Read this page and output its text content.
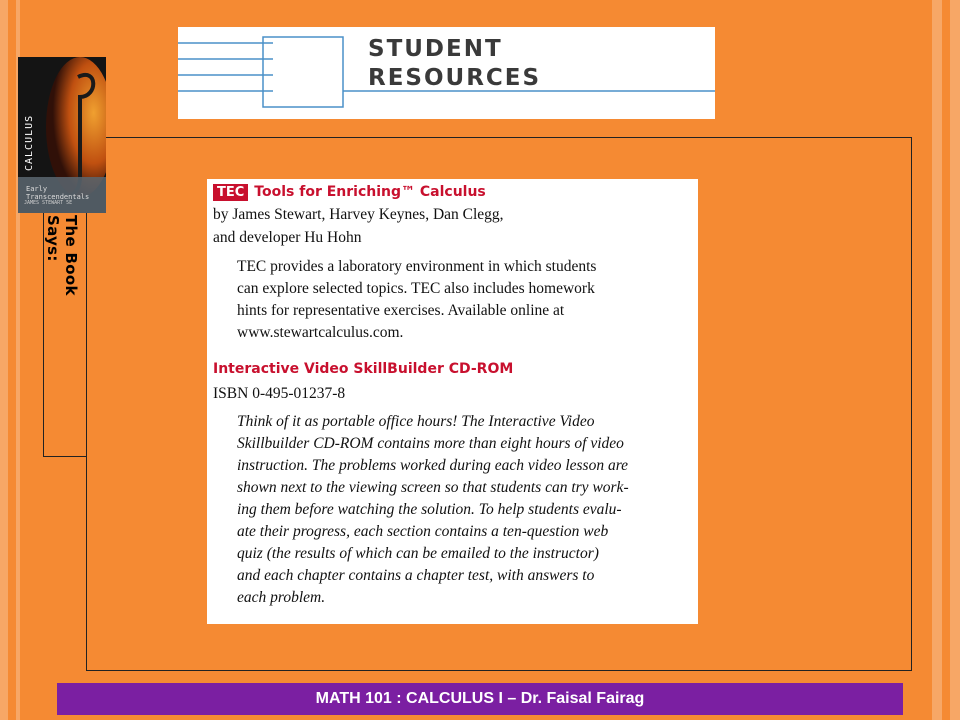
STUDENT
RESOURCES
The Book Says:
CALCULUS
Early Transcendentals
JAMES STEWART 5E
TEC Tools for Enriching™ Calculus
by James Stewart, Harvey Keynes, Dan Clegg,
and developer Hu Hohn
TEC provides a laboratory environment in which students
can explore selected topics. TEC also includes homework
hints for representative exercises. Available online at
www.stewartcalculus.com.
Interactive Video SkillBuilder CD-ROM
ISBN 0-495-01237-8
Think of it as portable office hours! The Interactive Video
Skillbuilder CD-ROM contains more than eight hours of video
instruction. The problems worked during each video lesson are
shown next to the viewing screen so that students can try work-
ing them before watching the solution. To help students evalu-
ate their progress, each section contains a ten-question web
quiz (the results of which can be emailed to the instructor)
and each chapter contains a chapter test, with answers to
each problem.
MATH 101 : CALCULUS I – Dr. Faisal Fairag
